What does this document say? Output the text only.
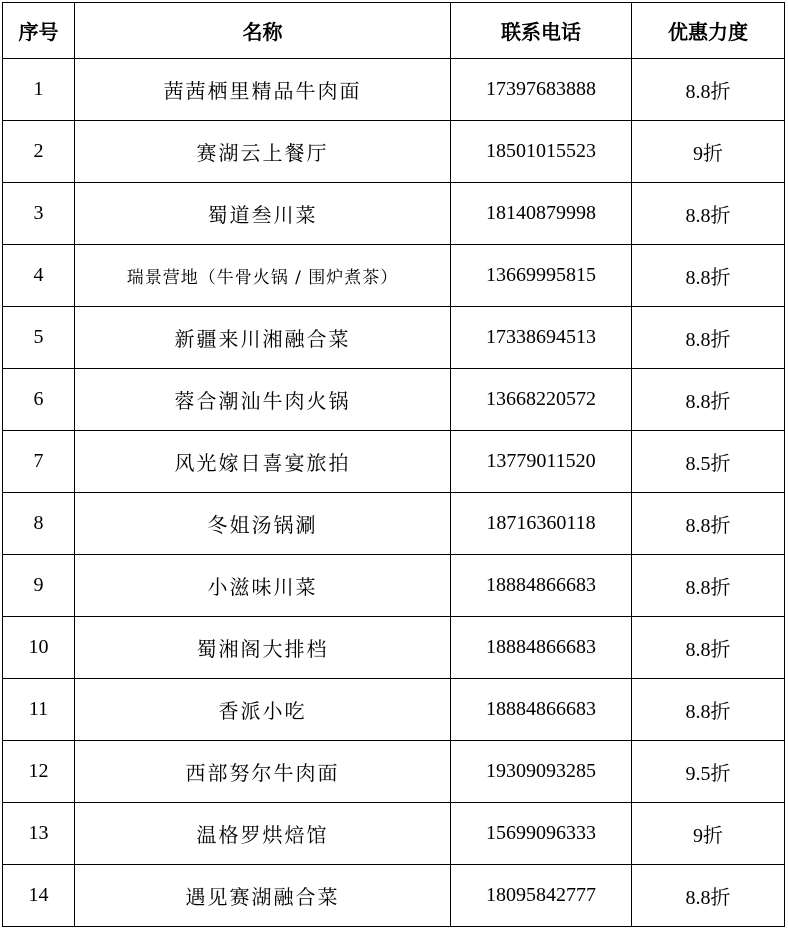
序号	名称	联系电话	优惠力度
1	茜茜栖里精品牛肉面	17397683888	8.8折
2	赛湖云上餐厅	18501015523	9折
3	蜀道叁川菜	18140879998	8.8折
4	瑞景营地（牛骨火锅 / 围炉煮茶）	13669995815	8.8折
5	新疆来川湘融合菜	17338694513	8.8折
6	蓉合潮汕牛肉火锅	13668220572	8.8折
7	风光嫁日喜宴旅拍	13779011520	8.5折
8	冬姐汤锅涮	18716360118	8.8折
9	小滋味川菜	18884866683	8.8折
10	蜀湘阁大排档	18884866683	8.8折
11	香派小吃	18884866683	8.8折
12	西部努尔牛肉面	19309093285	9.5折
13	温格罗烘焙馆	15699096333	9折
14	遇见赛湖融合菜	18095842777	8.8折
